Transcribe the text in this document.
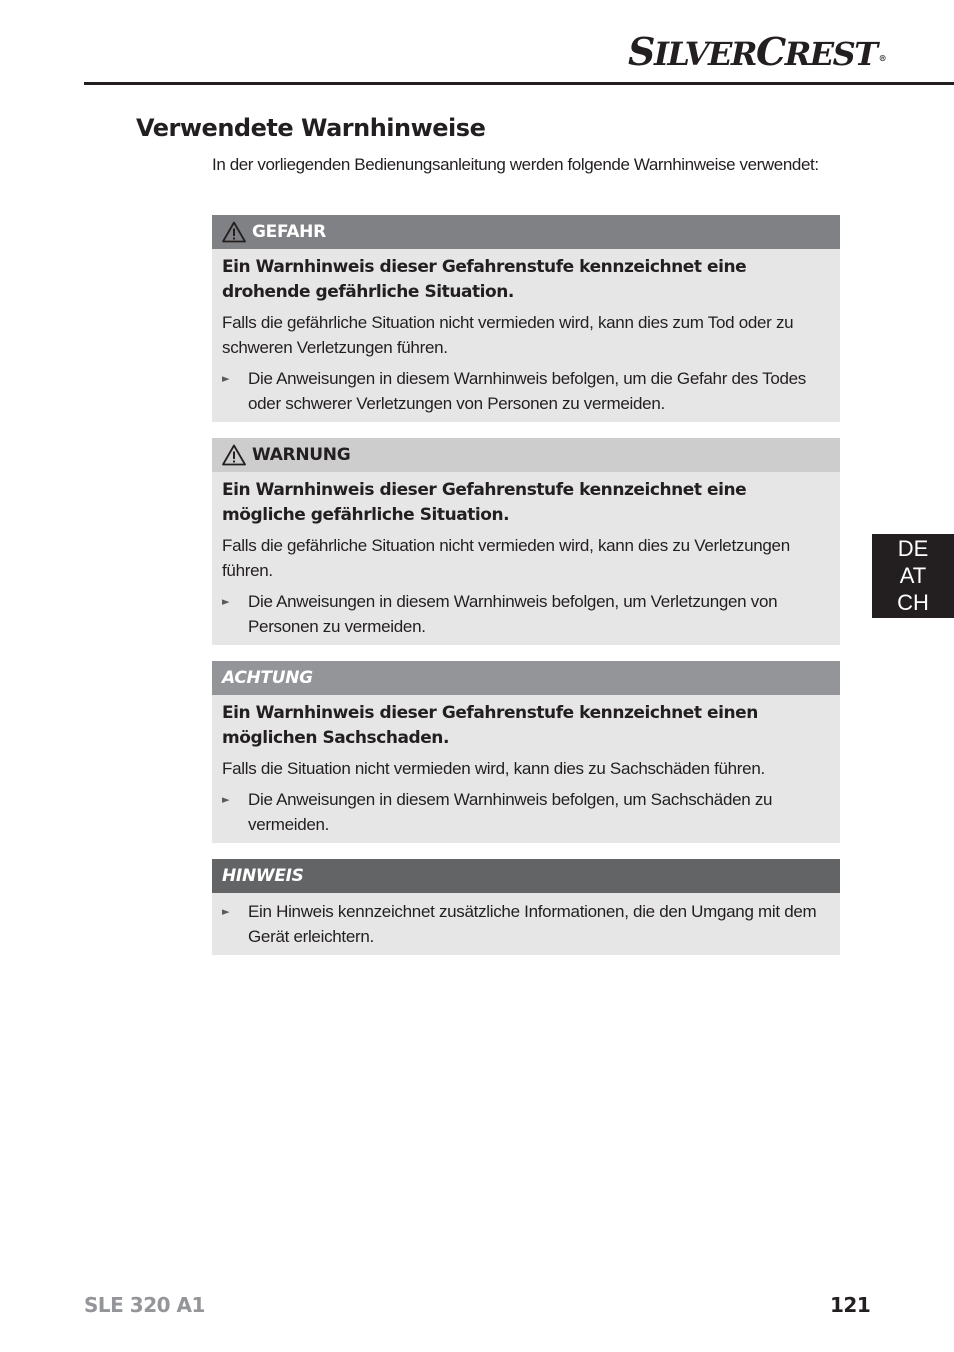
SILVERCREST ®
Verwendete Warnhinweise
In der vorliegenden Bedienungsanleitung werden folgende Warnhinweise verwendet:
GEFAHR

Ein Warnhinweis dieser Gefahrenstufe kennzeichnet eine drohende gefährliche Situation.

Falls die gefährliche Situation nicht vermieden wird, kann dies zum Tod oder zu schweren Verletzungen führen.

►	Die Anweisungen in diesem Warnhinweis befolgen, um die Gefahr des Todes oder schwerer Verletzungen von Personen zu vermeiden.
WARNUNG

Ein Warnhinweis dieser Gefahrenstufe kennzeichnet eine mögliche gefährliche Situation.

Falls die gefährliche Situation nicht vermieden wird, kann dies zu Verletzungen führen.

►	Die Anweisungen in diesem Warnhinweis befolgen, um Verletzungen von Personen zu vermeiden.
ACHTUNG

Ein Warnhinweis dieser Gefahrenstufe kennzeichnet einen möglichen Sachschaden.

Falls die Situation nicht vermieden wird, kann dies zu Sachschäden führen.

►	Die Anweisungen in diesem Warnhinweis befolgen, um Sachschäden zu vermeiden.
HINWEIS
►	Ein Hinweis kennzeichnet zusätzliche Informationen, die den Umgang mit dem Gerät erleichtern.
DE
AT
CH
SLE 320 A1	121
